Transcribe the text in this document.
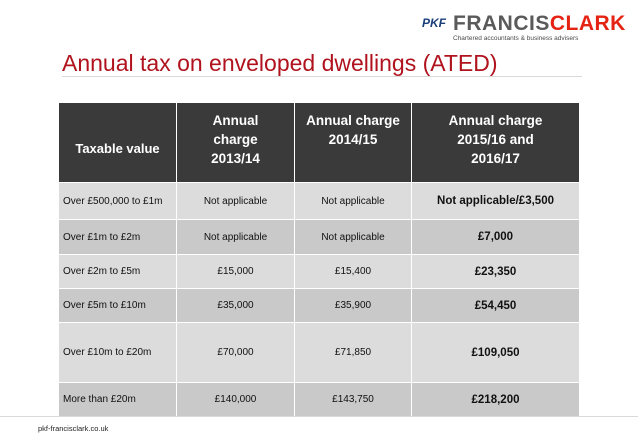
PKF FRANCISCLARK
Chartered accountants & business advisers
Annual tax on enveloped dwellings (ATED)
Taxable value	Annual charge 2013/14	Annual charge 2014/15	Annual charge 2015/16 and 2016/17

Over £500,000 to £1m	Not applicable	Not applicable	Not applicable/£3,500
Over £1m to £2m	Not applicable	Not applicable	£7,000
Over £2m to £5m	£15,000	£15,400	£23,350
Over £5m to £10m	£35,000	£35,900	£54,450
Over £10m to £20m	£70,000	£71,850	£109,050
More than £20m	£140,000	£143,750	£218,200
pkf-francisclark.co.uk
